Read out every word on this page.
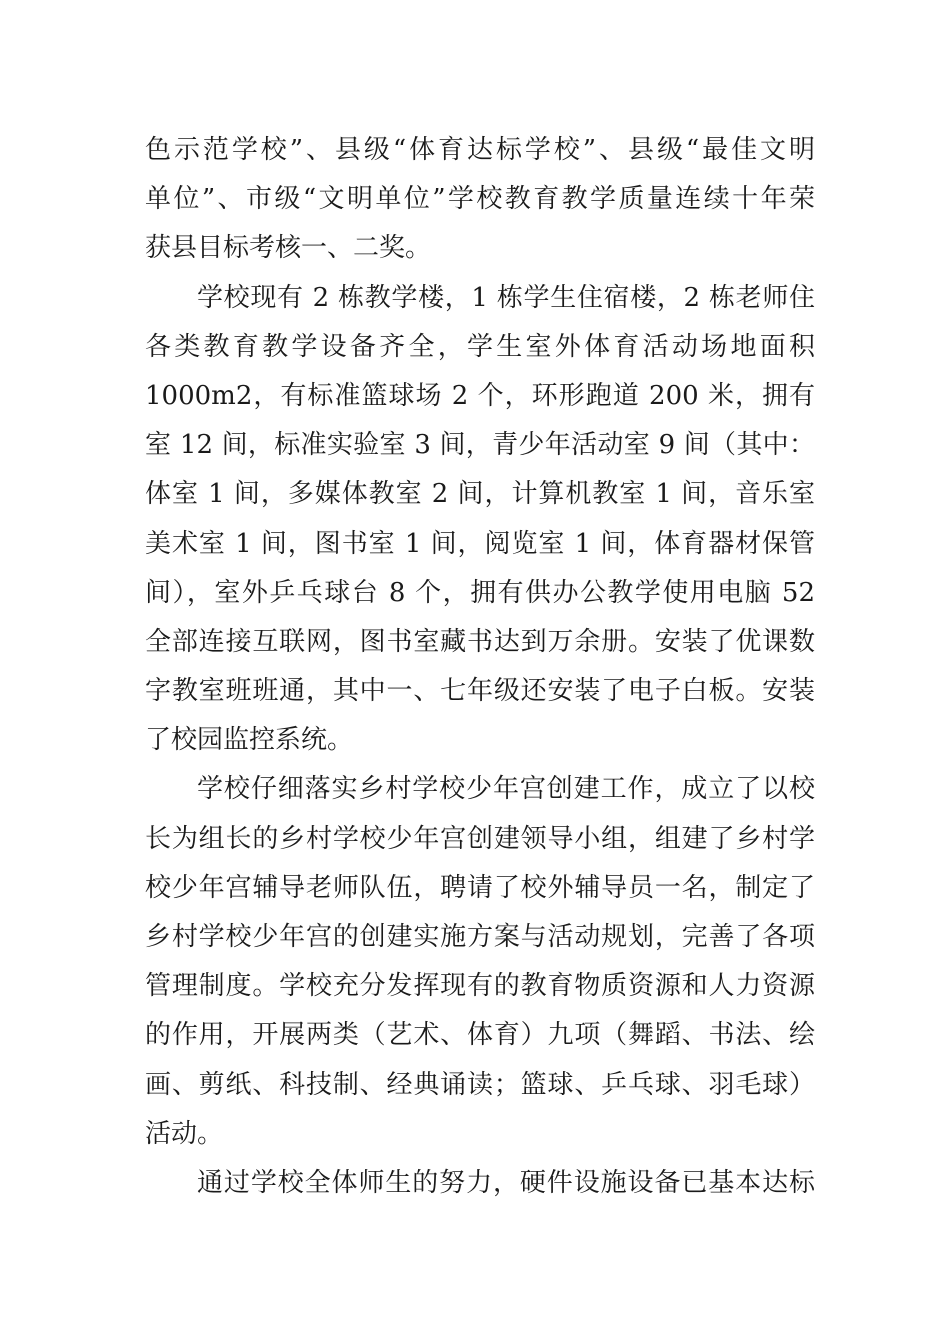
色示范学校”、县级“体育达标学校”、县级“最佳文明
单位”、市级“文明单位”学校教育教学质量连续十年荣
获县目标考核一、二奖。
学校现有 2 栋教学楼，1 栋学生住宿楼，2 栋老师住
各类教育教学设备齐全，学生室外体育活动场地面积
1000m2，有标准篮球场 2 个，环形跑道 200 米，拥有
室 12 间，标准实验室 3 间，青少年活动室 9 间（其中：
体室 1 间，多媒体教室 2 间，计算机教室 1 间，音乐室
美术室 1 间，图书室 1 间，阅览室 1 间，体育器材保管
间），室外乒乓球台 8 个，拥有供办公教学使用电脑 52
全部连接互联网，图书室藏书达到万余册。安装了优课数
字教室班班通，其中一、七年级还安装了电子白板。安装
了校园监控系统。
学校仔细落实乡村学校少年宫创建工作，成立了以校
长为组长的乡村学校少年宫创建领导小组，组建了乡村学
校少年宫辅导老师队伍，聘请了校外辅导员一名，制定了
乡村学校少年宫的创建实施方案与活动规划，完善了各项
管理制度。学校充分发挥现有的教育物质资源和人力资源
的作用，开展两类（艺术、体育）九项（舞蹈、书法、绘
画、剪纸、科技制、经典诵读；篮球、乒乓球、羽毛球）
活动。
通过学校全体师生的努力，硬件设施设备已基本达标
